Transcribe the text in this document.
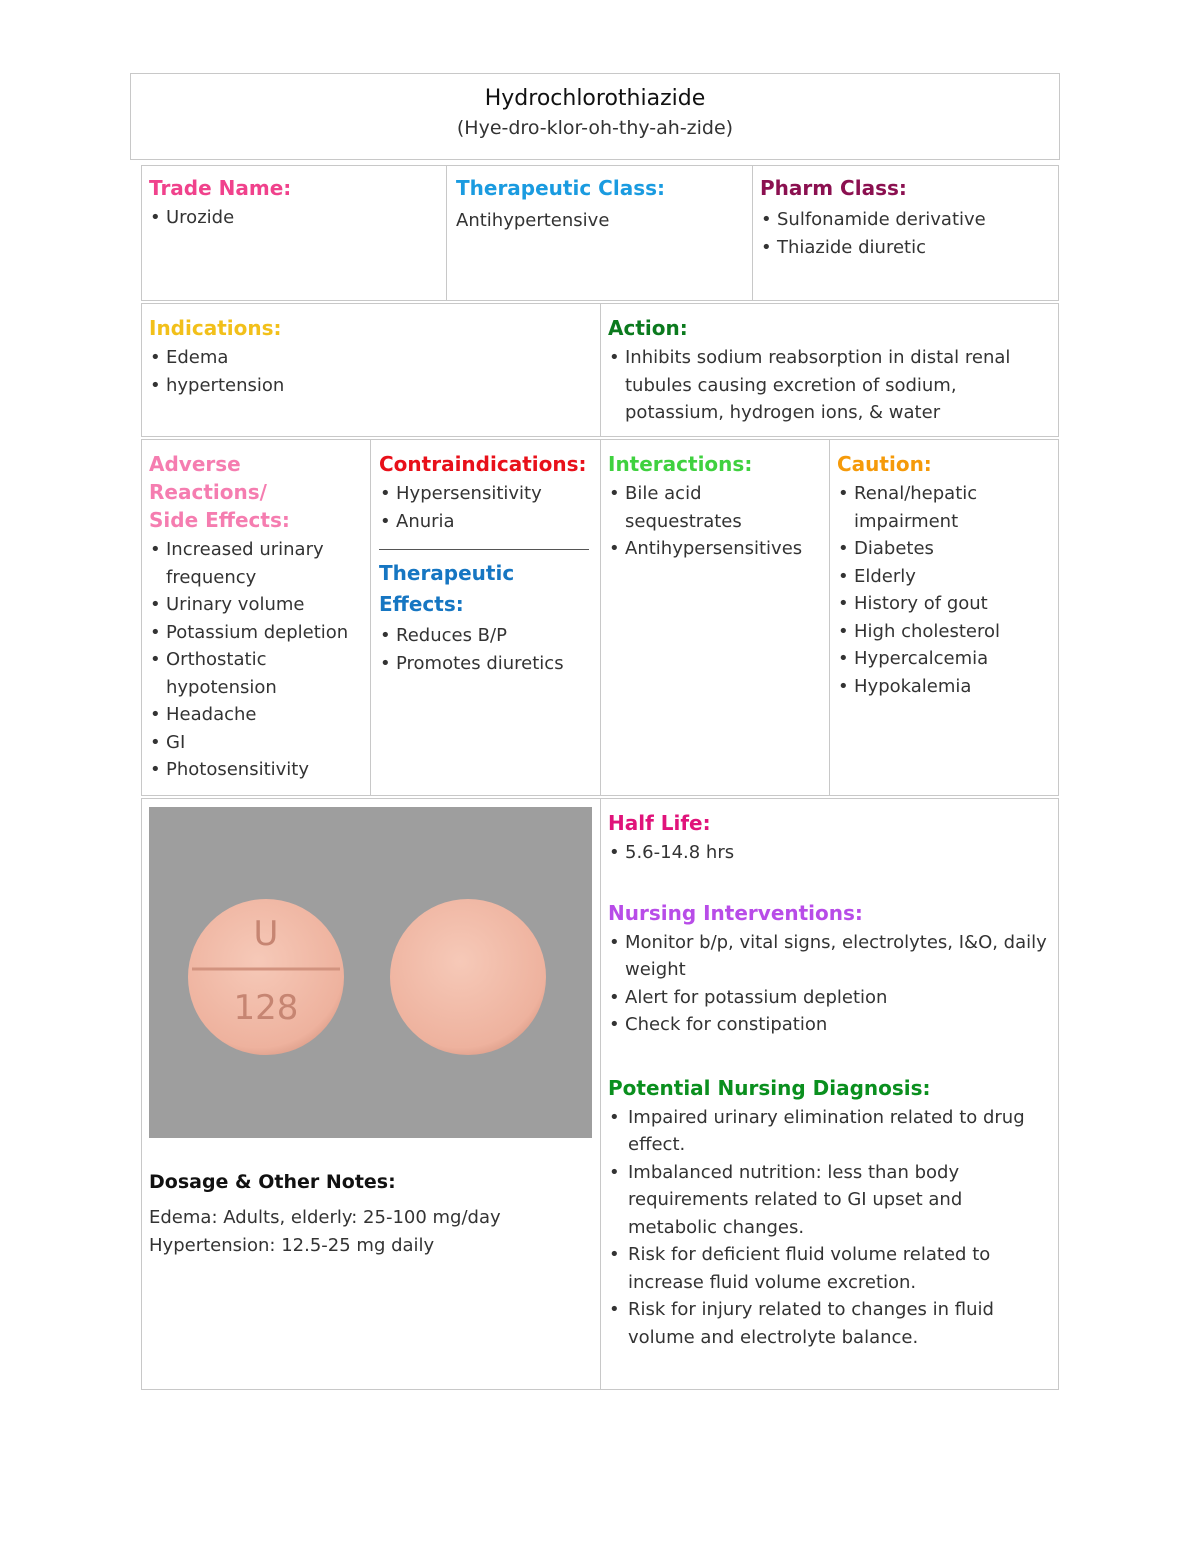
Hydrochlorothiazide
(Hye-dro-klor-oh-thy-ah-zide)
Trade Name:
• Urozide
Therapeutic Class:
Antihypertensive
Pharm Class:
• Sulfonamide derivative
• Thiazide diuretic
Indications:
• Edema
• hypertension
Action:
• Inhibits sodium reabsorption in distal renal tubules causing excretion of sodium, potassium, hydrogen ions, & water
Adverse Reactions/
Side Effects:
• Increased urinary frequency
• Urinary volume
• Potassium depletion
• Orthostatic hypotension
• Headache
• GI
• Photosensitivity
Contraindications:
• Hypersensitivity
• Anuria
Therapeutic
Effects:
• Reduces B/P
• Promotes diuretics
Interactions:
• Bile acid sequestrates
• Antihypersensitives
Caution:
• Renal/hepatic impairment
• Diabetes
• Elderly
• History of gout
• High cholesterol
• Hypercalcemia
• Hypokalemia
U
128
Dosage & Other Notes:
Edema: Adults, elderly: 25-100 mg/day
Hypertension: 12.5-25 mg daily
Half Life:
• 5.6-14.8 hrs
Nursing Interventions:
• Monitor b/p, vital signs, electrolytes, I&O, daily weight
• Alert for potassium depletion
• Check for constipation
Potential Nursing Diagnosis:
• Impaired urinary elimination related to drug effect.
• Imbalanced nutrition: less than body requirements related to GI upset and metabolic changes.
• Risk for deficient fluid volume related to increase fluid volume excretion.
• Risk for injury related to changes in fluid volume and electrolyte balance.
